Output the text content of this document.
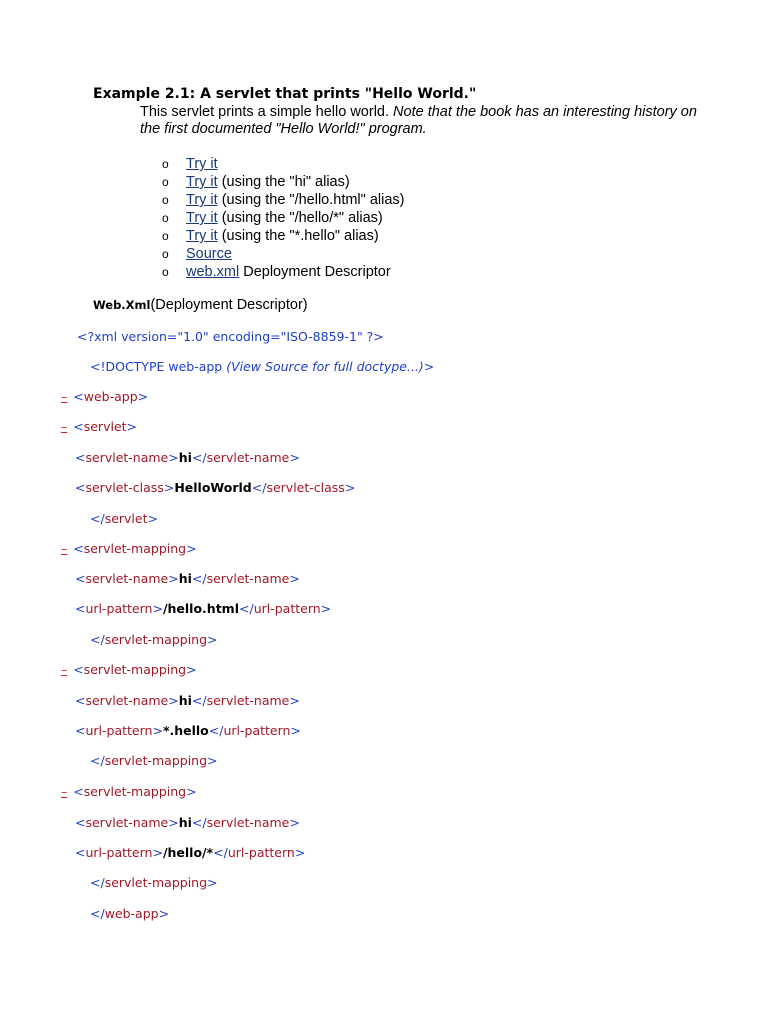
Example 2.1: A servlet that prints "Hello World."
This servlet prints a simple hello world. Note that the book has an interesting history on the first documented "Hello World!" program.
o Try it
o Try it (using the "hi" alias)
o Try it (using the "/hello.html" alias)
o Try it (using the "/hello/*" alias)
o Try it (using the "*.hello" alias)
o Source
o web.xml Deployment Descriptor
Web.Xml(Deployment Descriptor)
<?xml version="1.0" encoding="ISO-8859-1" ?>
<!DOCTYPE web-app (View Source for full doctype...)>
– <web-app>
– <servlet>
<servlet-name>hi</servlet-name>
<servlet-class>HelloWorld</servlet-class>
</servlet>
– <servlet-mapping>
<servlet-name>hi</servlet-name>
<url-pattern>/hello.html</url-pattern>
</servlet-mapping>
– <servlet-mapping>
<servlet-name>hi</servlet-name>
<url-pattern>*.hello</url-pattern>
</servlet-mapping>
– <servlet-mapping>
<servlet-name>hi</servlet-name>
<url-pattern>/hello/*</url-pattern>
</servlet-mapping>
</web-app>
